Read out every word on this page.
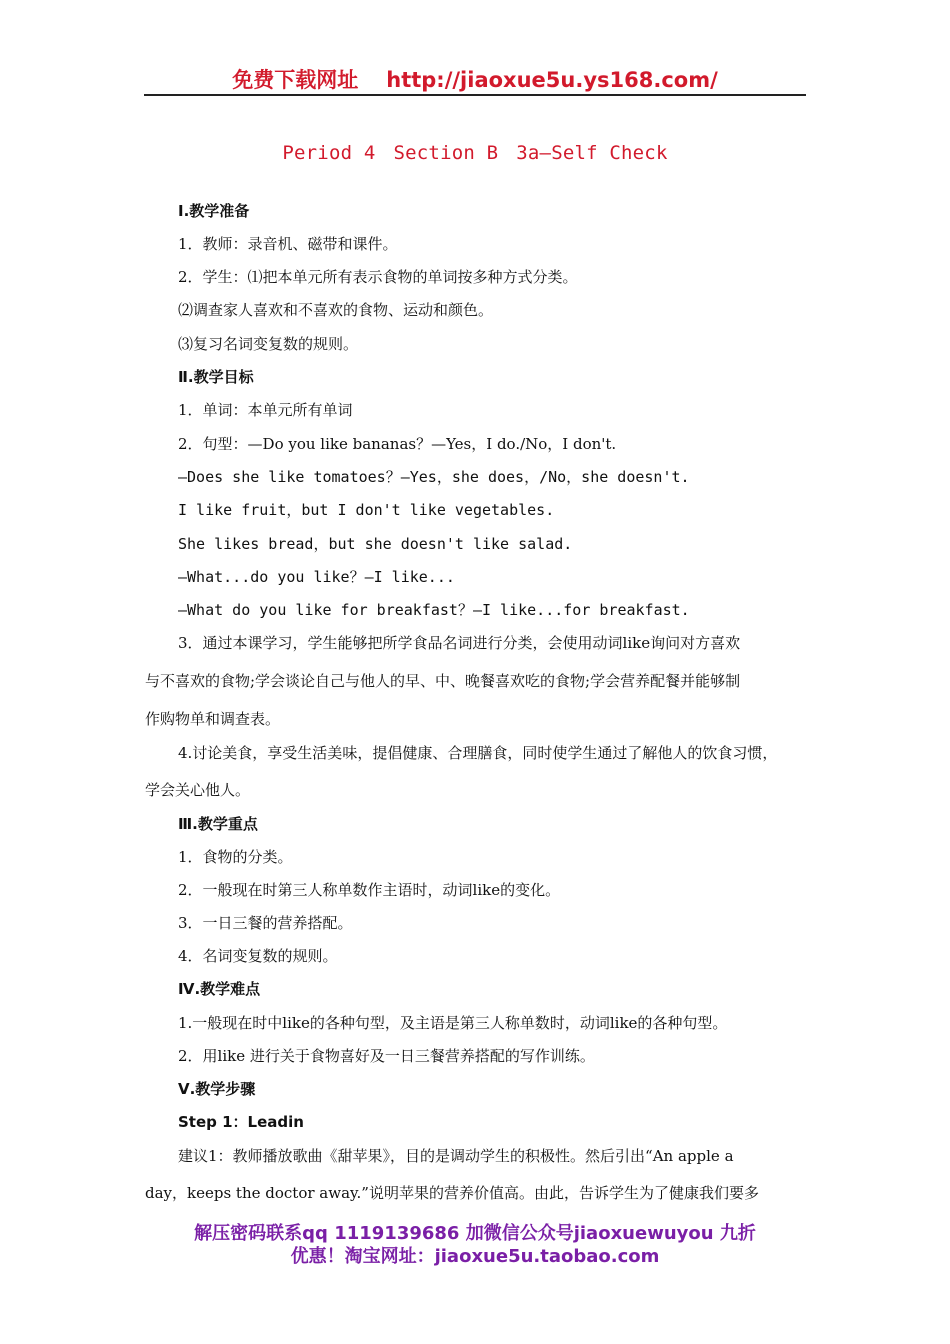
免费下载网址 http://jiaoxue5u.ys168.com/
Period 4 Section B 3a—Self Check
Ⅰ.教学准备
1．教师：录音机、磁带和课件。
2．学生：⑴把本单元所有表示食物的单词按多种方式分类。
⑵调查家人喜欢和不喜欢的食物、运动和颜色。
⑶复习名词变复数的规则。
Ⅱ.教学目标
1．单词：本单元所有单词
2．句型：—Do you like bananas？—Yes，I do./No，I don't.
—Does she like tomatoes？—Yes，she does，/No，she doesn't.
I like fruit，but I don't like vegetables.
She likes bread，but she doesn't like salad.
—What...do you like？—I like...
—What do you like for breakfast？—I like...for breakfast.
3．通过本课学习，学生能够把所学食品名词进行分类，会使用动词like询问对方喜欢
与不喜欢的食物;学会谈论自己与他人的早、中、晚餐喜欢吃的食物;学会营养配餐并能够制
作购物单和调查表。
4.讨论美食，享受生活美味，提倡健康、合理膳食，同时使学生通过了解他人的饮食习惯，
学会关心他人。
Ⅲ.教学重点
1．食物的分类。
2．一般现在时第三人称单数作主语时，动词like的变化。
3．一日三餐的营养搭配。
4．名词变复数的规则。
Ⅳ.教学难点
1.一般现在时中like的各种句型，及主语是第三人称单数时，动词like的各种句型。
2．用like 进行关于食物喜好及一日三餐营养搭配的写作训练。
Ⅴ.教学步骤
Step 1：Leadin
建议1：教师播放歌曲《甜苹果》，目的是调动学生的积极性。然后引出“An apple a
day，keeps the doctor away.”说明苹果的营养价值高。由此，告诉学生为了健康我们要多
解压密码联系qq 1119139686 加微信公众号jiaoxuewuyou 九折
优惠！淘宝网址：jiaoxue5u.taobao.com
